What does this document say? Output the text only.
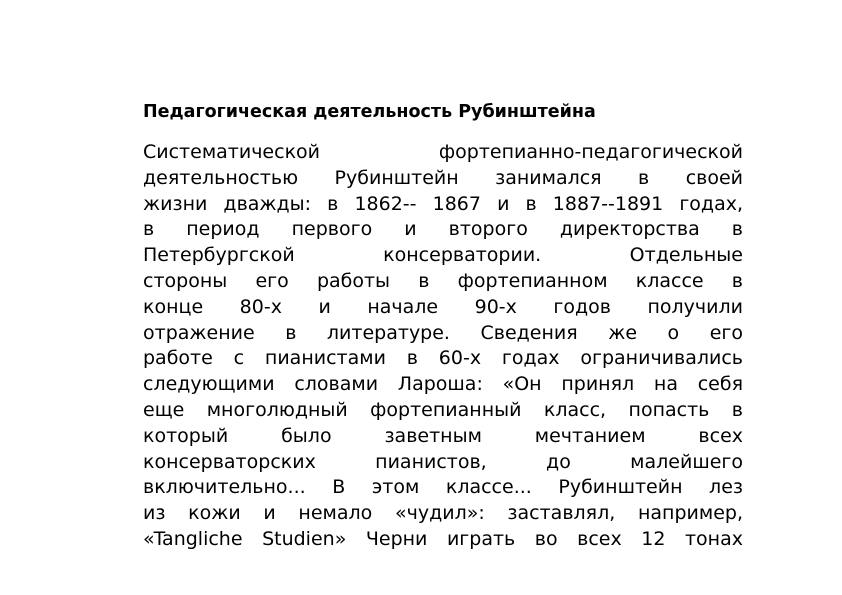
Педагогическая деятельность Рубинштейна
Систематической фортепианно-педагогической
деятельностью Рубинштейн занимался в своей
жизни дважды: в 1862-- 1867 и в 1887--1891 годах,
в период первого и второго директорства в
Петербургской консерватории. Отдельные
стороны его работы в фортепианном классе в
конце 80-х и начале 90-х годов получили
отражение в литературе. Сведения же о его
работе с пианистами в 60-х годах ограничивались
следующими словами Лароша: «Он принял на себя
еще многолюдный фортепианный класс, попасть в
который было заветным мечтанием всех
консерваторских пианистов, до малейшего
включительно... В этом классе... Рубинштейн лез
из кожи и немало «чудил»: заставлял, например,
«Tangliche Studien» Черни играть во всех 12 тонах
